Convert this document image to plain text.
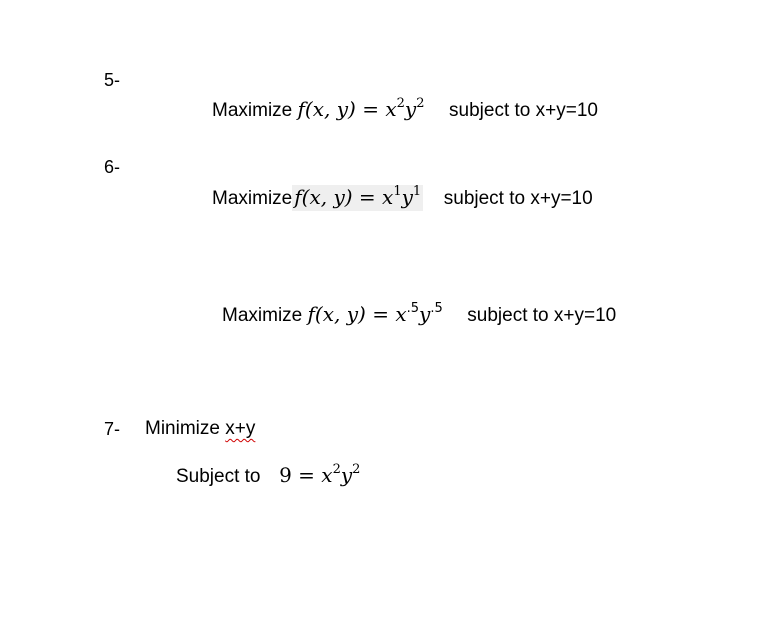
5-
Maximize f(x, $y) = x^2y^2$ subject to x+y=10
6-
Maximize f(x, $y) = x^1y^1$ subject to x+y=10
Maximize f(x, $y) = x^{.5}y^{.5}$ subject to x+y=10
7- Minimize x+y
Subject to $9 = x^2y^2$
